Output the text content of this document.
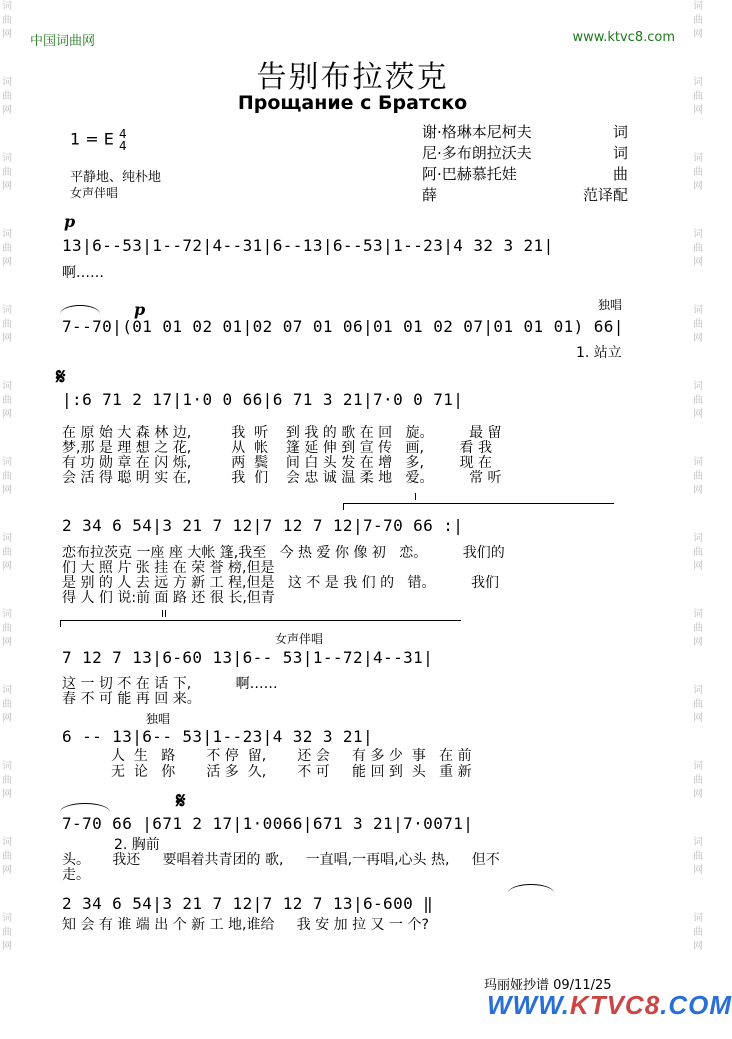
词
曲
网
词
曲
网
词
曲
网
词
曲
网
词
曲
网
词
曲
网
词
曲
网
词
曲
网
词
曲
网
词
曲
网
词
曲
网
词
曲
网
词
曲
网
词
曲
网
词
曲
网
词
曲
网
词
曲
网
词
曲
网
词
曲
网
词
曲
网
词
曲
网
词
曲
网
词
曲
网
词
曲
网
词
曲
网
词
曲
网
中国词曲网	www.ktvc8.com
告别布拉茨克
Прощание с Братско
1 = E 4
4
平静地、纯朴地
女声伴唱
谢·格琳本尼柯夫	词
尼·多布朗拉沃夫	词
阿·巴赫慕托娃	曲
薛	范译配
p
13|6--53|1--72|4--31|6--13|6--53|1--23|4 32 3 21|
啊……
p	独唱
7--70|(01 01 02 01|02 07 01 06|01 01 02 07|01 01 01) 66|
1. 站立
𝄋
|:6 71 2 17|1·0 0 66|6 71 3 21|7·0 0 71|
在 原 始 大 森 林 边,         我  听    到 我 的 歌 在 回   旋。        最 留
梦,那 是 理 想 之 花,         从  帐    篷 延 伸 到 宣 传   画,        看 我
有 功 勋 章 在 闪 烁,         两  鬓    间 白 头 发 在 增   多,        现 在
会 活 得 聪 明 实 在,         我  们    会 忠 诚 温 柔 地   爱。        常 听
I
2 34 6 54|3 21 7 12|7 12 7 12|7-70 66 :|
恋布拉茨克 一座 座 大帐 篷,我至   今 热 爱 你 像 初   恋。        我们的
们 大 照 片 张 挂 在 荣 誉 榜,但是
是 别 的 人 去 远 方 新 工 程,但是   这 不 是 我 们 的   错。        我们
得 人 们 说:前 面 路 还 很 长,但青
II
女声伴唱
7 12 7 13|6-60 13|6-- 53|1--72|4--31|
这 一 切 不 在 话 下,          啊……
春 不 可 能 再 回 来。
独唱
6 -- 13|6-- 53|1--23|4 32 3 21|
人  生   路       不 停  留,       还 会     有 多 少  事   在 前
无  论   你       活 多  久,       不 可     能 回 到  头   重 新
𝄋
7-70 66 |671 2 17|1·0066|671 3 21|7·0071|
2. 胸前
头。     我还     要唱着共青团的 歌,     一直唱,一再唱,心头 热,     但不
走。
2 34 6 54|3 21 7 12|7 12 7 13|6-600 ‖
知 会 有 谁 端 出 个 新 工 地,谁给     我 安 加 拉 又 一 个?
玛丽娅抄谱 09/11/25
WWW.KTVC8.COM
